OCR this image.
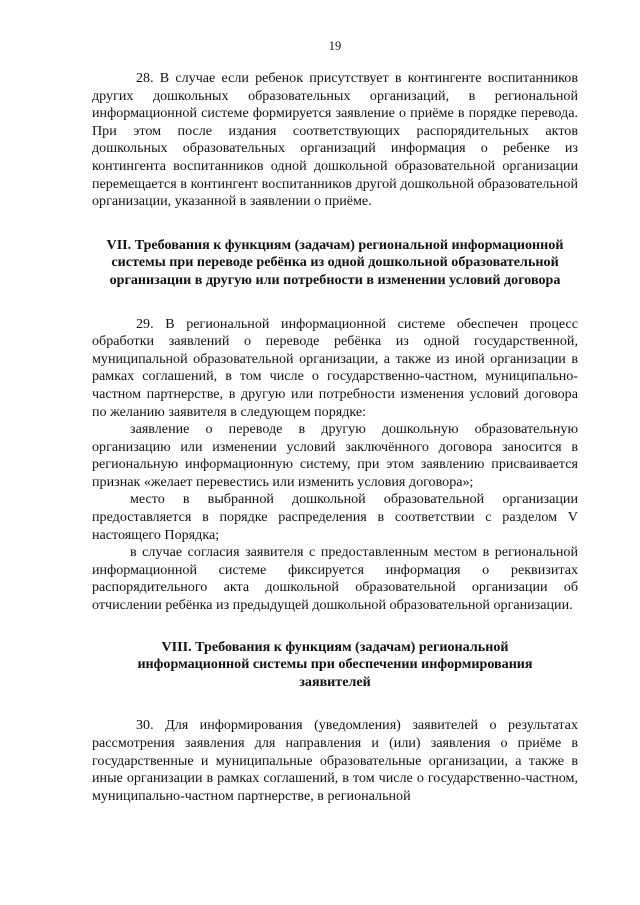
19

28. В случае если ребенок присутствует в контингенте воспитанников других дошкольных образовательных организаций, в региональной информационной системе формируется заявление о приёме в порядке перевода. При этом после издания соответствующих распорядительных актов дошкольных образовательных организаций информация о ребенке из контингента воспитанников одной дошкольной образовательной организации перемещается в контингент воспитанников другой дошкольной образовательной организации, указанной в заявлении о приёме.

VII. Требования к функциям (задачам) региональной информационной системы при переводе ребёнка из одной дошкольной образовательной организации в другую или потребности в изменении условий договора

29. В региональной информационной системе обеспечен процесс обработки заявлений о переводе ребёнка из одной государственной, муниципальной образовательной организации, а также из иной организации в рамках соглашений, в том числе о государственно-частном, муниципально-частном партнерстве, в другую или потребности изменения условий договора по желанию заявителя в следующем порядке:

заявление о переводе в другую дошкольную образовательную организацию или изменении условий заключённого договора заносится в региональную информационную систему, при этом заявлению присваивается признак «желает перевестись или изменить условия договора»;

место в выбранной дошкольной образовательной организации предоставляется в порядке распределения в соответствии с разделом V настоящего Порядка;

в случае согласия заявителя с предоставленным местом в региональной информационной системе фиксируется информация о реквизитах распорядительного акта дошкольной образовательной организации об отчислении ребёнка из предыдущей дошкольной образовательной организации.

VIII. Требования к функциям (задачам) региональной информационной системы при обеспечении информирования заявителей

30. Для информирования (уведомления) заявителей о результатах рассмотрения заявления для направления и (или) заявления о приёме в государственные и муниципальные образовательные организации, а также в иные организации в рамках соглашений, в том числе о государственно-частном, муниципально-частном партнерстве, в региональной
